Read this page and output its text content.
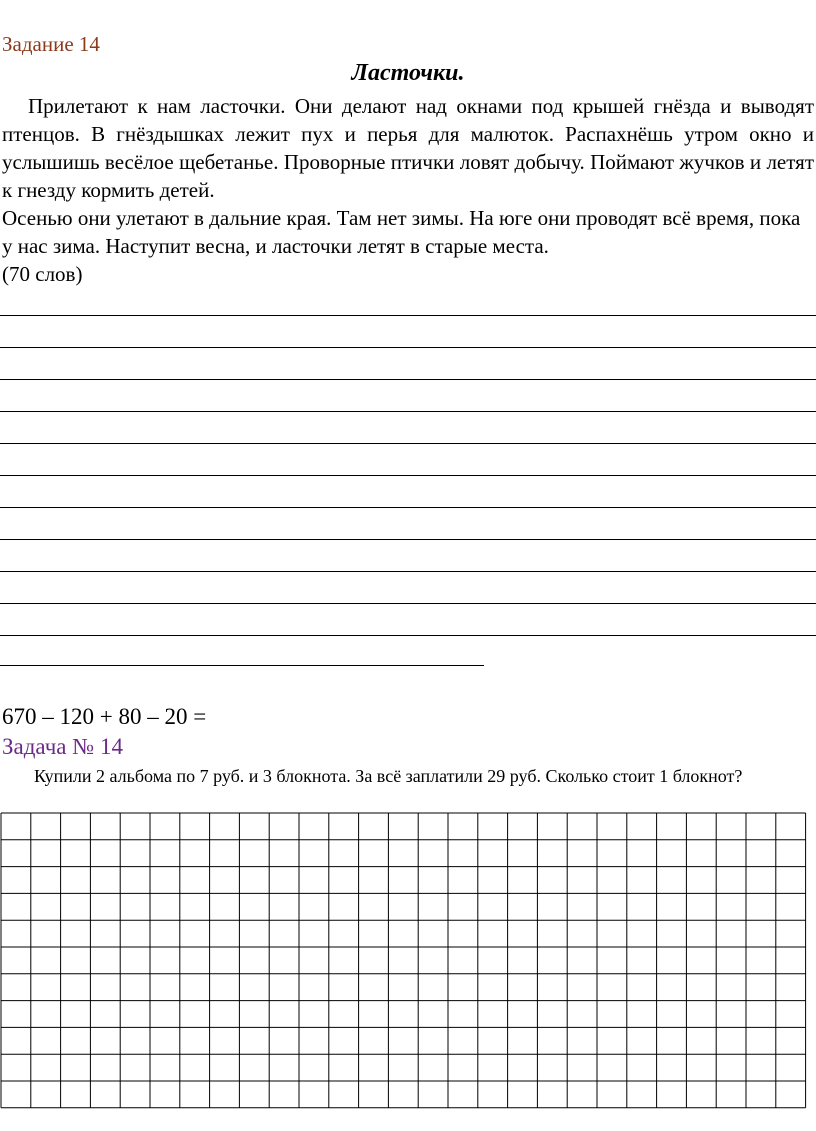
Задание 14
Ласточки.

Прилетают к нам ласточки. Они делают над окнами под крышей гнёзда и выводят птенцов. В гнёздышках лежит пух и перья для малюток. Распахнёшь утром окно и услышишь весёлое щебетанье. Проворные птички ловят добычу. Поймают жучков и летят к гнезду кормить детей.

Осенью они улетают в дальние края. Там нет зимы. На юге они проводят всё время, пока у нас зима. Наступит весна, и ласточки летят в старые места.

(70 слов)

670 – 120 + 80 – 20 =
Задача № 14

Купили 2 альбома по 7 руб. и 3 блокнота. За всё заплатили 29 руб. Сколько стоит 1 блокнот?
